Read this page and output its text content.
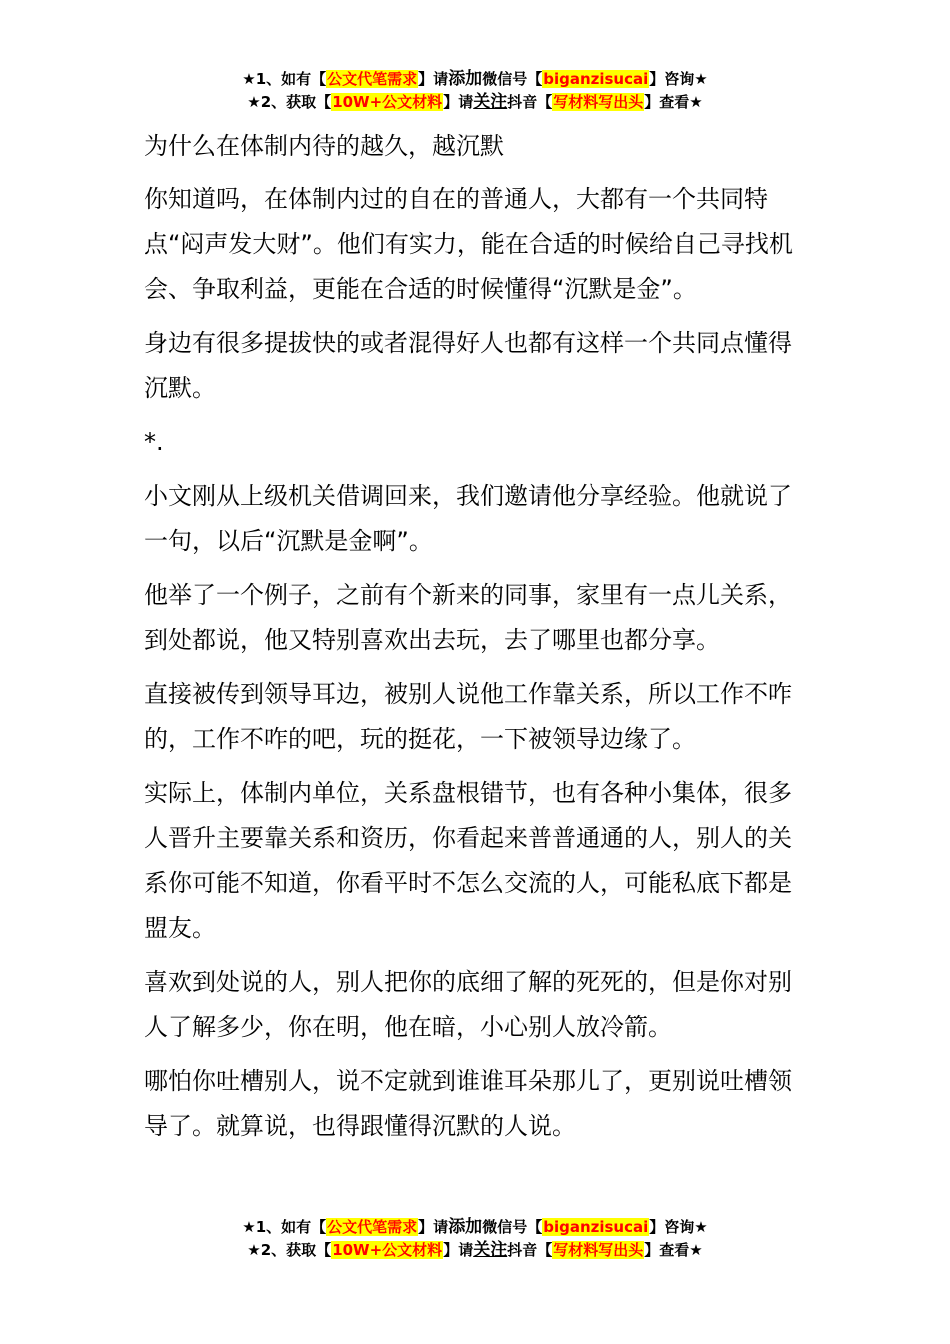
★1、如有【公文代笔需求】请添加微信号【biganzisucai】咨询★
★2、获取【10W+公文材料】请关注抖音【写材料写出头】查看★

为什么在体制内待的越久，越沉默

你知道吗，在体制内过的自在的普通人，大都有一个共同特点“闷声发大财”。他们有实力，能在合适的时候给自己寻找机会、争取利益，更能在合适的时候懂得“沉默是金”。

身边有很多提拔快的或者混得好人也都有这样一个共同点懂得沉默。

*.

小文刚从上级机关借调回来，我们邀请他分享经验。他就说了一句，以后“沉默是金啊”。

他举了一个例子，之前有个新来的同事，家里有一点儿关系，到处都说，他又特别喜欢出去玩，去了哪里也都分享。

直接被传到领导耳边，被别人说他工作靠关系，所以工作不咋的，工作不咋的吧，玩的挺花，一下被领导边缘了。

实际上，体制内单位，关系盘根错节，也有各种小集体，很多人晋升主要靠关系和资历，你看起来普普通通的人，别人的关系你可能不知道，你看平时不怎么交流的人，可能私底下都是盟友。

喜欢到处说的人，别人把你的底细了解的死死的，但是你对别人了解多少，你在明，他在暗，小心别人放冷箭。

哪怕你吐槽别人，说不定就到谁谁耳朵那儿了，更别说吐槽领导了。就算说，也得跟懂得沉默的人说。

★1、如有【公文代笔需求】请添加微信号【biganzisucai】咨询★
★2、获取【10W+公文材料】请关注抖音【写材料写出头】查看★
